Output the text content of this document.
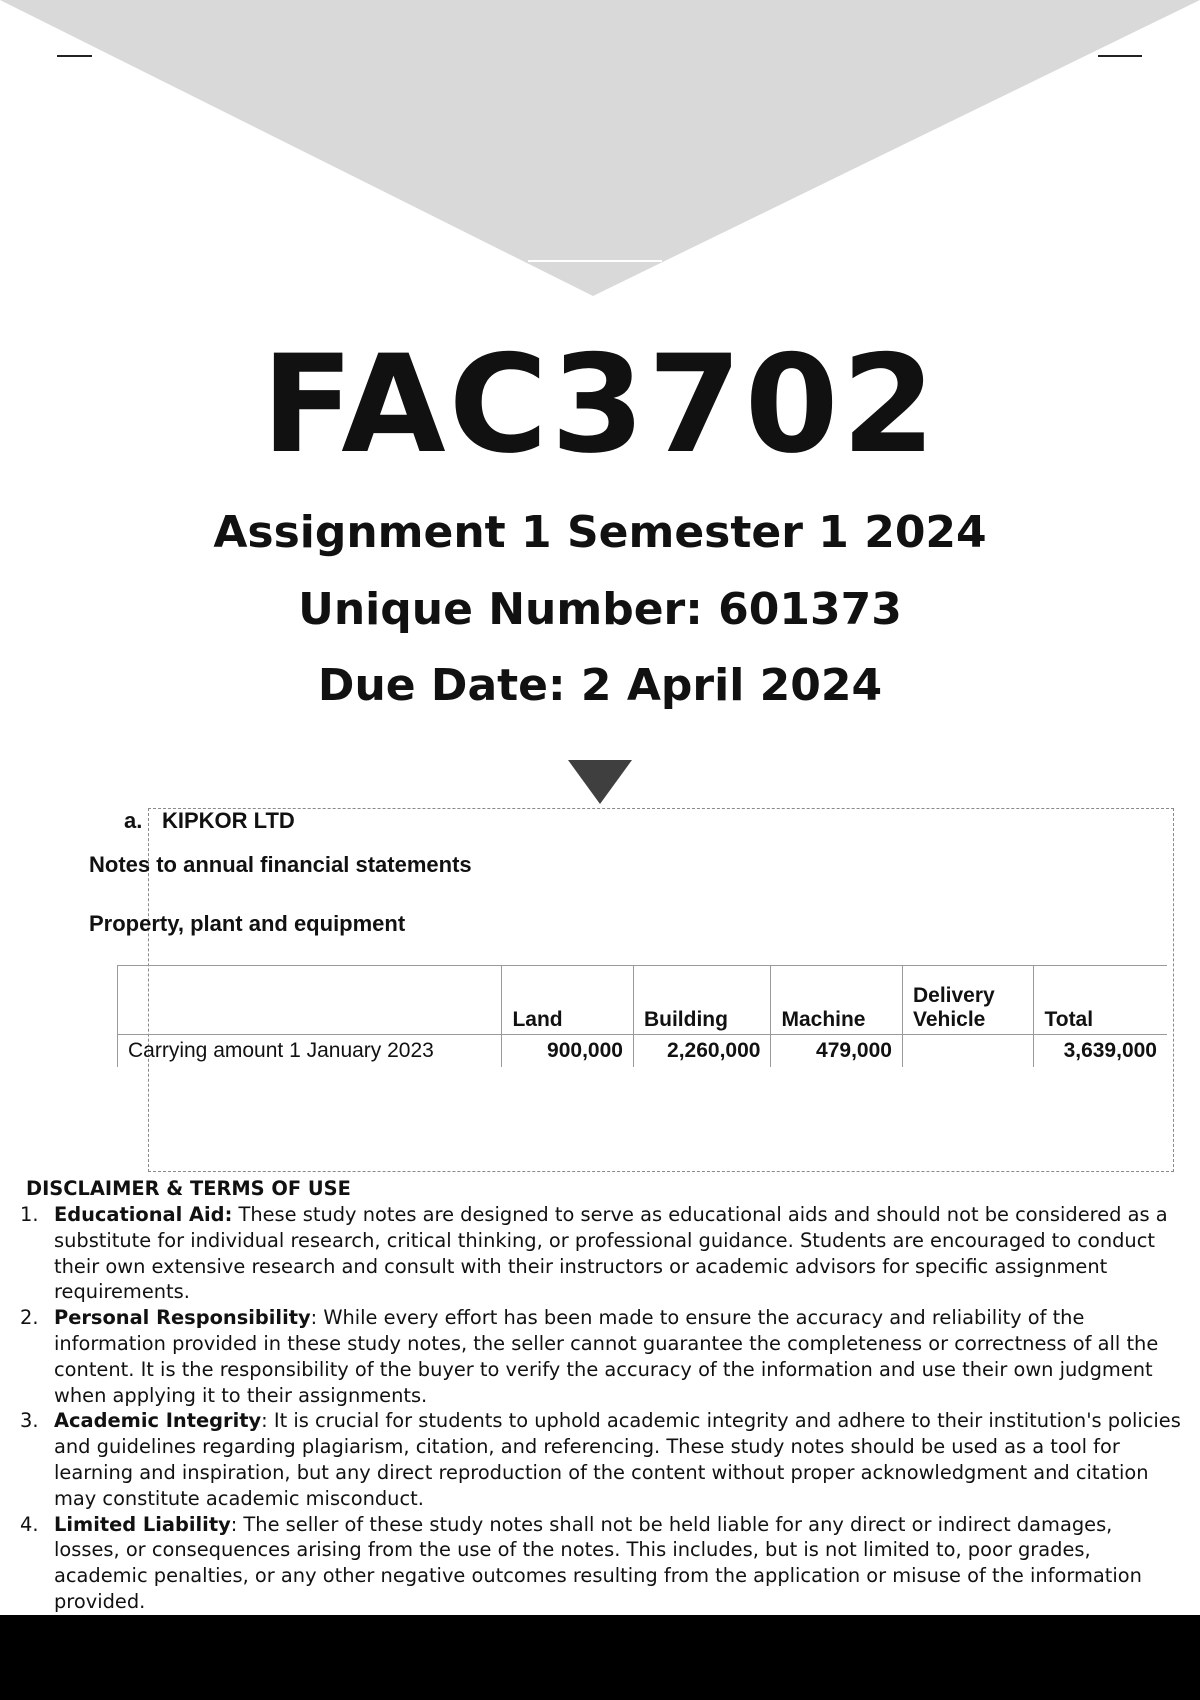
FAC3702
Assignment 1 Semester 1 2024
Unique Number: 601373
Due Date: 2 April 2024
a. KIPKOR LTD
Notes to annual financial statements
Property, plant and equipment
	Land	Building	Machine	Delivery Vehicle	Total
Carrying amount 1 January 2023	900,000	2,260,000	479,000		3,639,000
DISCLAIMER & TERMS OF USE
1. Educational Aid: These study notes are designed to serve as educational aids and should not be considered as a substitute for individual research, critical thinking, or professional guidance. Students are encouraged to conduct their own extensive research and consult with their instructors or academic advisors for specific assignment requirements.
2. Personal Responsibility: While every effort has been made to ensure the accuracy and reliability of the information provided in these study notes, the seller cannot guarantee the completeness or correctness of all the content. It is the responsibility of the buyer to verify the accuracy of the information and use their own judgment when applying it to their assignments.
3. Academic Integrity: It is crucial for students to uphold academic integrity and adhere to their institution's policies and guidelines regarding plagiarism, citation, and referencing. These study notes should be used as a tool for learning and inspiration, but any direct reproduction of the content without proper acknowledgment and citation may constitute academic misconduct.
4. Limited Liability: The seller of these study notes shall not be held liable for any direct or indirect damages, losses, or consequences arising from the use of the notes. This includes, but is not limited to, poor grades, academic penalties, or any other negative outcomes resulting from the application or misuse of the information provided.
